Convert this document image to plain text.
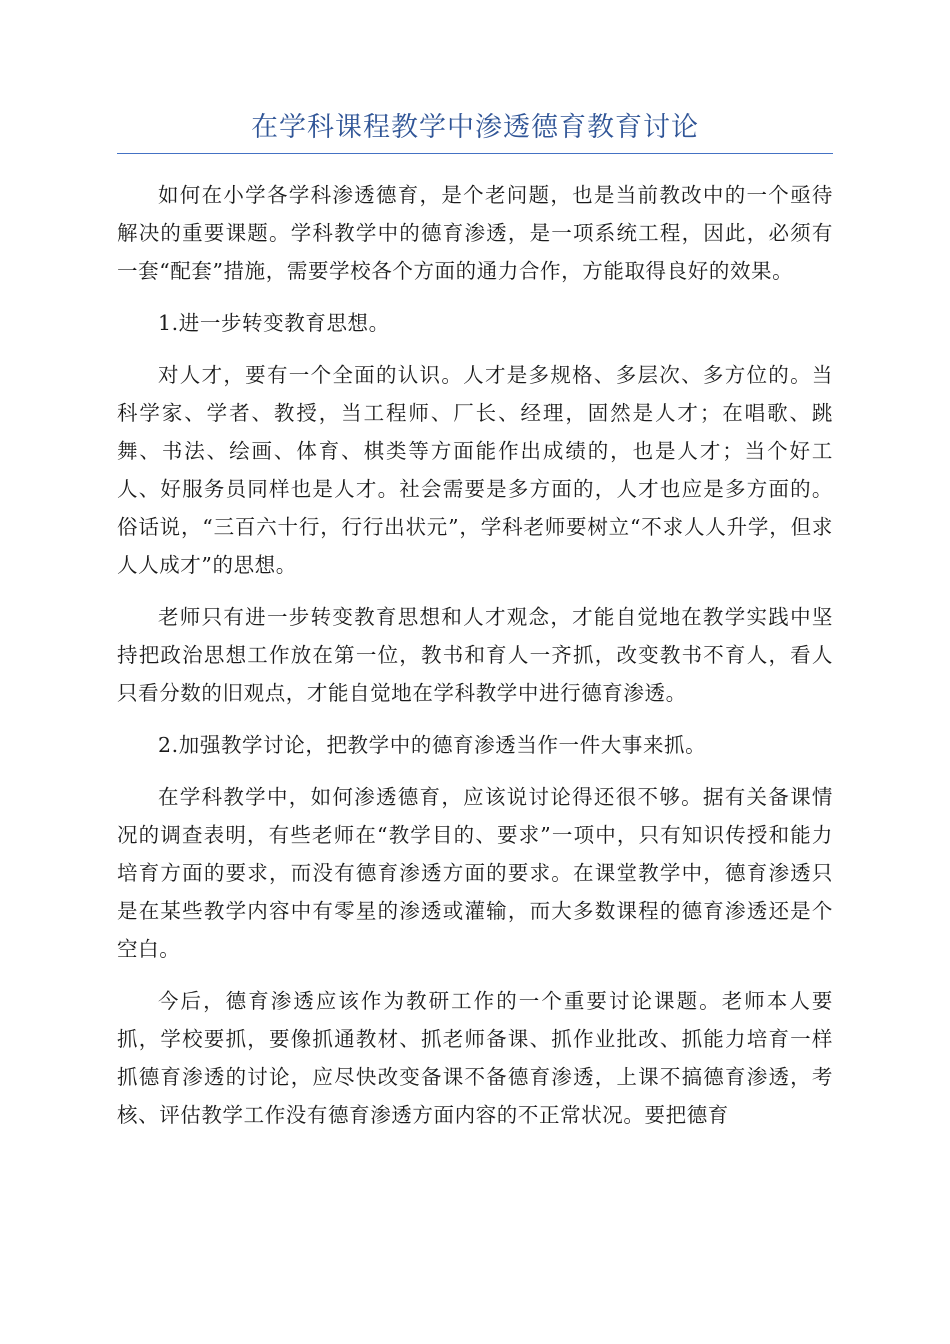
在学科课程教学中渗透德育教育讨论

如何在小学各学科渗透德育，是个老问题，也是当前教改中的一个亟待解决的重要课题。学科教学中的德育渗透，是一项系统工程，因此，必须有一套“配套”措施，需要学校各个方面的通力合作，方能取得良好的效果。

1.进一步转变教育思想。

对人才，要有一个全面的认识。人才是多规格、多层次、多方位的。当科学家、学者、教授，当工程师、厂长、经理，固然是人才；在唱歌、跳舞、书法、绘画、体育、棋类等方面能作出成绩的，也是人才；当个好工人、好服务员同样也是人才。社会需要是多方面的，人才也应是多方面的。俗话说，“三百六十行，行行出状元”，学科老师要树立“不求人人升学，但求人人成才”的思想。

老师只有进一步转变教育思想和人才观念，才能自觉地在教学实践中坚持把政治思想工作放在第一位，教书和育人一齐抓，改变教书不育人，看人只看分数的旧观点，才能自觉地在学科教学中进行德育渗透。

2.加强教学讨论，把教学中的德育渗透当作一件大事来抓。

在学科教学中，如何渗透德育，应该说讨论得还很不够。据有关备课情况的调查表明，有些老师在“教学目的、要求”一项中，只有知识传授和能力培育方面的要求，而没有德育渗透方面的要求。在课堂教学中，德育渗透只是在某些教学内容中有零星的渗透或灌输，而大多数课程的德育渗透还是个空白。

今后，德育渗透应该作为教研工作的一个重要讨论课题。老师本人要抓，学校要抓，要像抓通教材、抓老师备课、抓作业批改、抓能力培育一样抓德育渗透的讨论，应尽快改变备课不备德育渗透，上课不搞德育渗透，考核、评估教学工作没有德育渗透方面内容的不正常状况。要把德育
